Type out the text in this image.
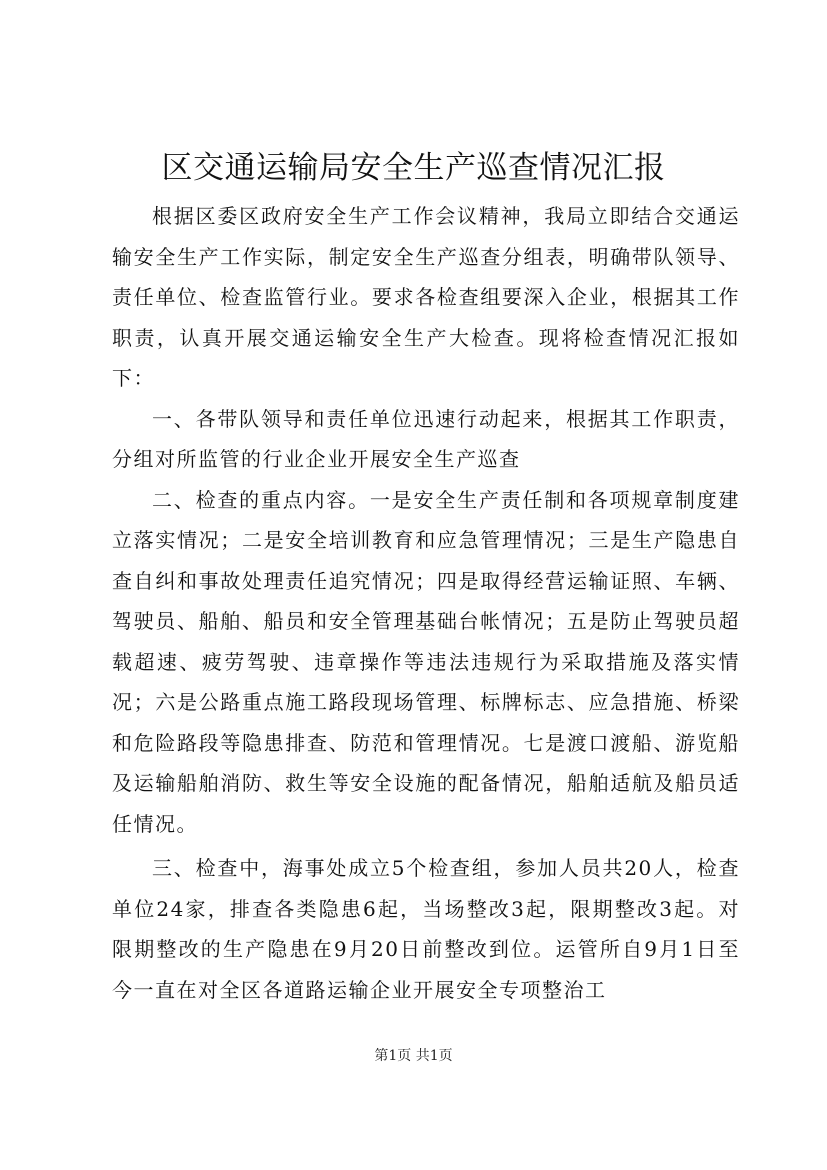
区交通运输局安全生产巡查情况汇报

根据区委区政府安全生产工作会议精神，我局立即结合交通运输安全生产工作实际，制定安全生产巡查分组表，明确带队领导、责任单位、检查监管行业。要求各检查组要深入企业，根据其工作职责，认真开展交通运输安全生产大检查。现将检查情况汇报如下：

一、各带队领导和责任单位迅速行动起来，根据其工作职责，分组对所监管的行业企业开展安全生产巡查

二、检查的重点内容。一是安全生产责任制和各项规章制度建立落实情况；二是安全培训教育和应急管理情况；三是生产隐患自查自纠和事故处理责任追究情况；四是取得经营运输证照、车辆、驾驶员、船舶、船员和安全管理基础台帐情况；五是防止驾驶员超载超速、疲劳驾驶、违章操作等违法违规行为采取措施及落实情况；六是公路重点施工路段现场管理、标牌标志、应急措施、桥梁和危险路段等隐患排查、防范和管理情况。七是渡口渡船、游览船及运输船舶消防、救生等安全设施的配备情况，船舶适航及船员适任情况。

三、检查中，海事处成立5个检查组，参加人员共20人，检查单位24家，排查各类隐患6起，当场整改3起，限期整改3起。对限期整改的生产隐患在9月20日前整改到位。运管所自9月1日至今一直在对全区各道路运输企业开展安全专项整治工

第1页 共1页
